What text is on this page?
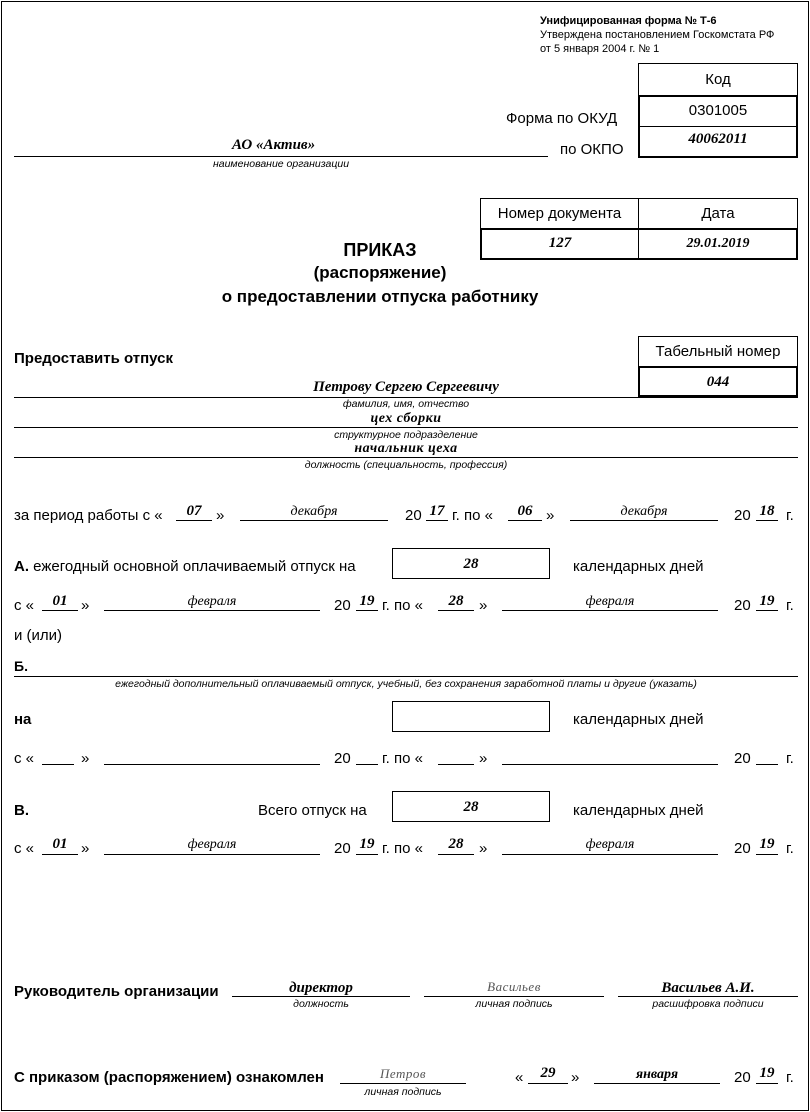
Унифицированная форма № Т-6
Утверждена постановлением Госкомстата РФ
от 5 января 2004 г. № 1
Код
0301005
40062011
Форма по ОКУД
по ОКПО
АО «Актив»
наименование организации
Номер документа	Дата
127	29.01.2019
ПРИКАЗ
(распоряжение)
о предоставлении отпуска работнику
Предоставить отпуск	Табельный номер
044
Петрову Сергею Сергеевичу
фамилия, имя, отчество
цех сборки
структурное подразделение
начальник цеха
должность (специальность, профессия)
за период работы с «	07 »	декабря	20 17 г. по «	06 »	декабря	20 18 г.
А. ежегодный основной оплачиваемый отпуск на	28	календарных дней
с «	01 »	февраля	20 19 г. по «	28	»	февраля	20 19 г.
и (или)
Б.
ежегодный дополнительный оплачиваемый отпуск, учебный, без сохранения заработной платы и другие (указать)
на	календарных дней
с «	»	20 г. по «	»	20 г.
В.	Всего отпуск на	28	календарных дней
с «	01 »	февраля	20 19 г. по «	28	»	февраля	20 19 г.
Руководитель организации	директор
должность
Васильев
личная подпись
Васильев А.И.
расшифровка подписи
С приказом (распоряжением) ознакомлен	Петров
личная подпись
«	29	»	января	20 19 г.
